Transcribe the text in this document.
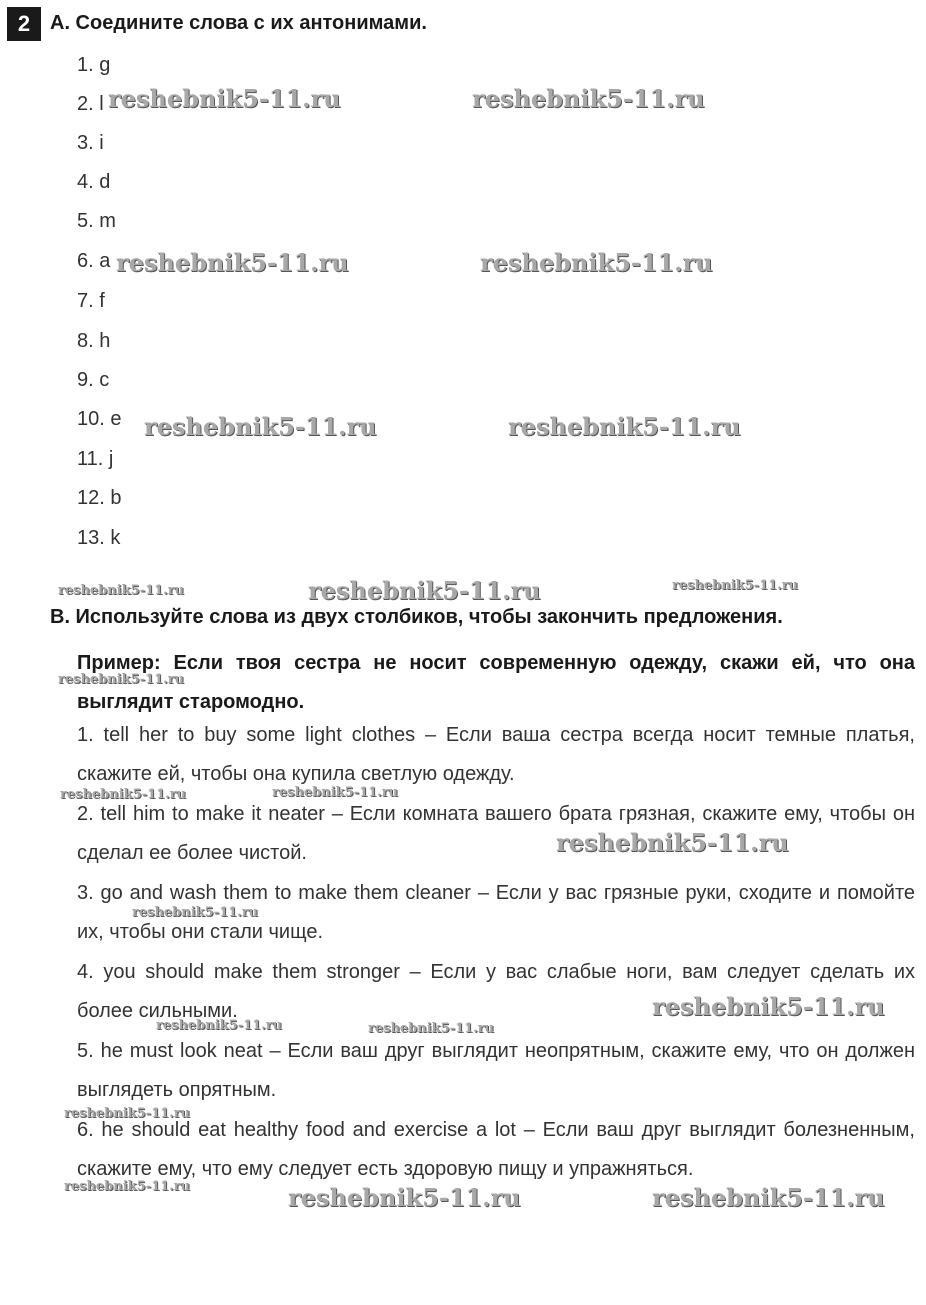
2 A. Соедините слова с их антонимами.
1. g
2. l
3. i
4. d
5. m
6. a
7. f
8. h
9. c
10. e
11. j
12. b
13. k
B. Используйте слова из двух столбиков, чтобы закончить предложения.
Пример: Если твоя сестра не носит современную одежду, скажи ей, что она выглядит старомодно.
1. tell her to buy some light clothes – Если ваша сестра всегда носит темные платья, скажите ей, чтобы она купила светлую одежду.
2. tell him to make it neater – Если комната вашего брата грязная, скажите ему, чтобы он сделал ее более чистой.
3. go and wash them to make them cleaner – Если у вас грязные руки, сходите и помойте их, чтобы они стали чище.
4. you should make them stronger – Если у вас слабые ноги, вам следует сделать их более сильными.
5. he must look neat – Если ваш друг выглядит неопрятным, скажите ему, что он должен выглядеть опрятным.
6. he should eat healthy food and exercise a lot – Если ваш друг выглядит болезненным, скажите ему, что ему следует есть здоровую пищу и упражняться.
reshebnik5-11.ru	reshebnik5-11.ru
reshebnik5-11.ru	reshebnik5-11.ru
reshebnik5-11.ru	reshebnik5-11.ru
reshebnik5-11.ru	reshebnik5-11.ru	reshebnik5-11.ru
reshebnik5-11.ru
reshebnik5-11.ru	reshebnik5-11.ru
reshebnik5-11.ru
reshebnik5-11.ru
reshebnik5-11.ru
reshebnik5-11.ru	reshebnik5-11.ru
reshebnik5-11.ru
reshebnik5-11.ru	reshebnik5-11.ru	reshebnik5-11.ru
